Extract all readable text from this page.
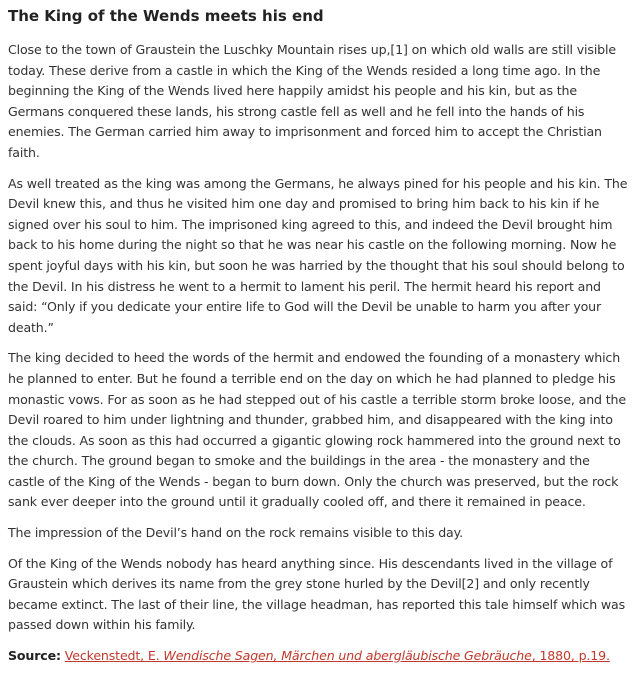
The King of the Wends meets his end

Close to the town of Graustein the Luschky Mountain rises up,[1] on which old walls are still visible today. These derive from a castle in which the King of the Wends resided a long time ago. In the beginning the King of the Wends lived here happily amidst his people and his kin, but as the Germans conquered these lands, his strong castle fell as well and he fell into the hands of his enemies. The German carried him away to imprisonment and forced him to accept the Christian faith.

As well treated as the king was among the Germans, he always pined for his people and his kin. The Devil knew this, and thus he visited him one day and promised to bring him back to his kin if he signed over his soul to him. The imprisoned king agreed to this, and indeed the Devil brought him back to his home during the night so that he was near his castle on the following morning. Now he spent joyful days with his kin, but soon he was harried by the thought that his soul should belong to the Devil. In his distress he went to a hermit to lament his peril. The hermit heard his report and said: “Only if you dedicate your entire life to God will the Devil be unable to harm you after your death.”

The king decided to heed the words of the hermit and endowed the founding of a monastery which he planned to enter. But he found a terrible end on the day on which he had planned to pledge his monastic vows. For as soon as he had stepped out of his castle a terrible storm broke loose, and the Devil roared to him under lightning and thunder, grabbed him, and disappeared with the king into the clouds. As soon as this had occurred a gigantic glowing rock hammered into the ground next to the church. The ground began to smoke and the buildings in the area - the monastery and the castle of the King of the Wends - began to burn down. Only the church was preserved, but the rock sank ever deeper into the ground until it gradually cooled off, and there it remained in peace.

The impression of the Devil’s hand on the rock remains visible to this day.

Of the King of the Wends nobody has heard anything since. His descendants lived in the village of Graustein which derives its name from the grey stone hurled by the Devil[2] and only recently became extinct. The last of their line, the village headman, has reported this tale himself which was passed down within his family.

Source: Veckenstedt, E. Wendische Sagen, Märchen und abergläubische Gebräuche, 1880, p.19.
